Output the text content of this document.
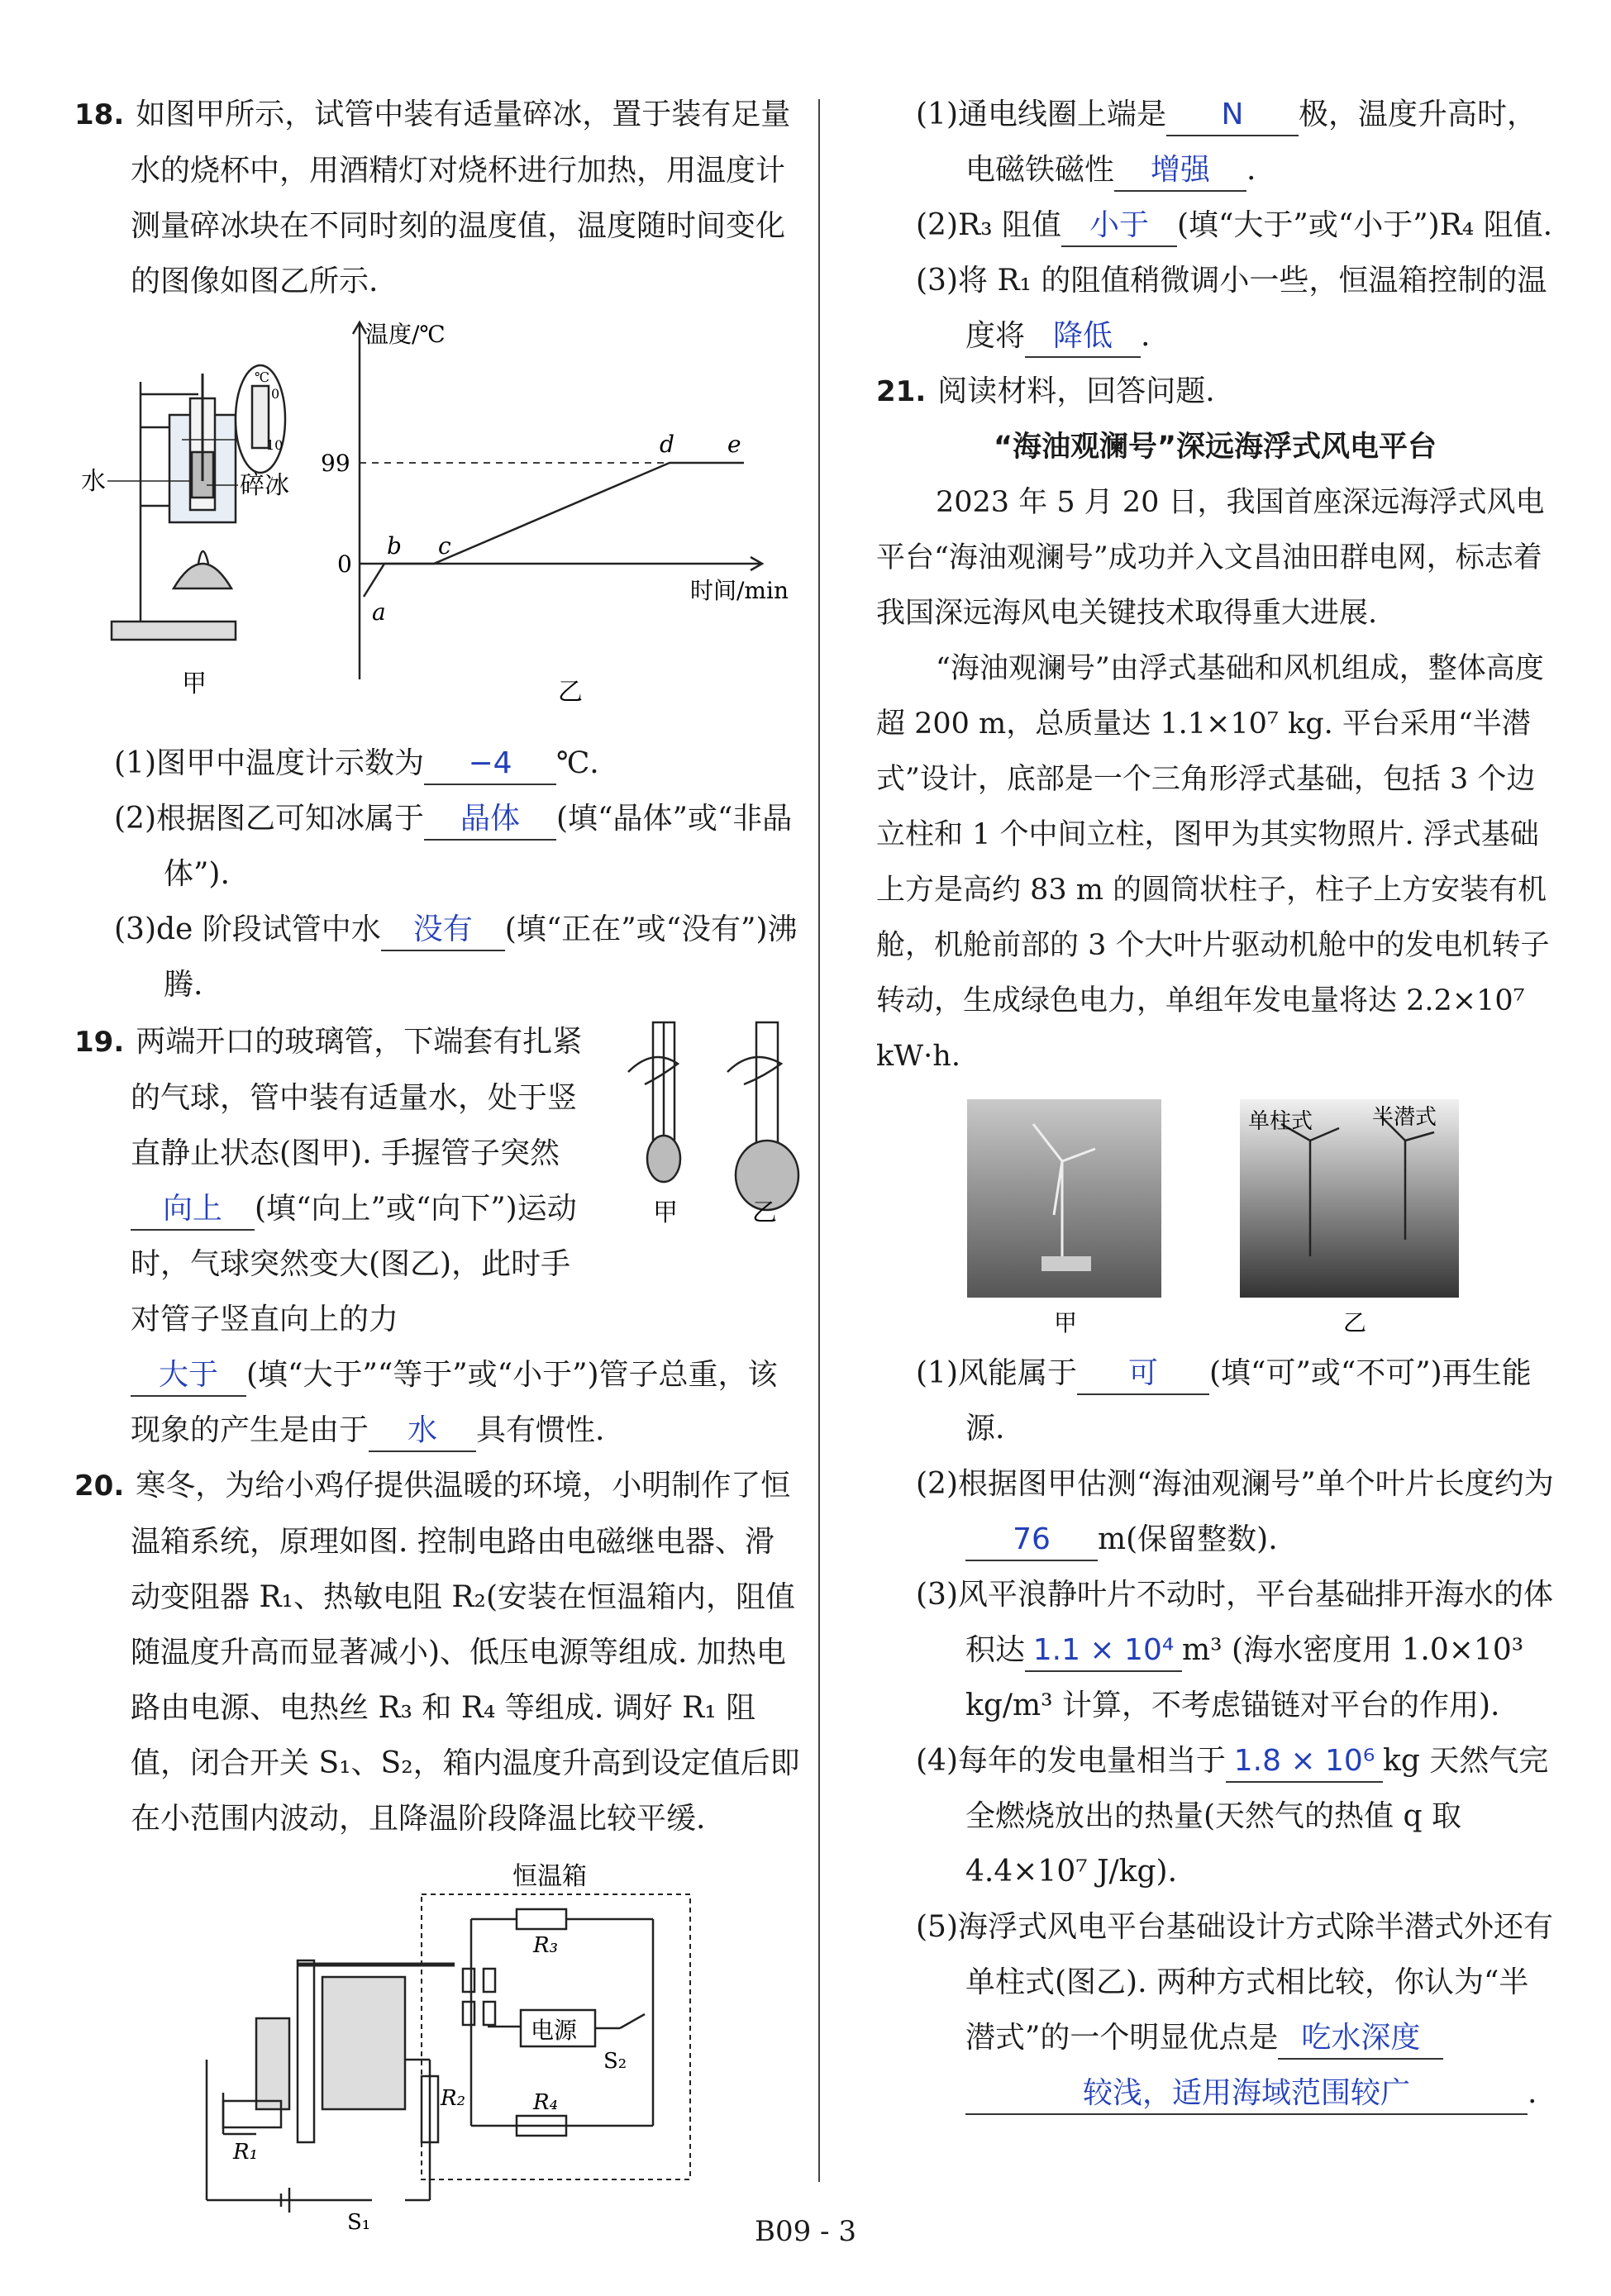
18. 如图甲所示，试管中装有适量碎冰，置于装有足量水的烧杯中，用酒精灯对烧杯进行加热，用温度计测量碎冰块在不同时刻的温度值，温度随时间变化的图像如图乙所示.

水	碎冰
℃
0
10
甲
温度/℃
时间/min
99
0
a
b c
d e
乙

(1)图甲中温度计示数为 −4 ℃.

(2)根据图乙可知冰属于 晶体 (填“晶体”或“非晶体”).

(3)de 阶段试管中水 没有 (填“正在”或“没有”)沸腾.

甲	乙

19. 两端开口的玻璃管，下端套有扎紧的气球，管中装有适量水，处于竖直静止状态(图甲). 手握管子突然向上 (填“向上”或“向下”)运动时，气球突然变大(图乙)，此时手对管子竖直向上的力

大于 (填“大于”“等于”或“小于”)管子总重，该现象的产生是由于 水 具有惯性.

20. 寒冬，为给小鸡仔提供温暖的环境，小明制作了恒温箱系统，原理如图. 控制电路由电磁继电器、滑动变阻器 R₁、热敏电阻 R₂(安装在恒温箱内，阻值随温度升高而显著减小)、低压电源等组成. 加热电路由电源、电热丝 R₃ 和 R₄ 等组成. 调好 R₁ 阻值，闭合开关 S₁、S₂，箱内温度升高到设定值后即在小范围内波动，且降温阶段降温比较平缓.

恒温箱
电源
R₃
R₄
R₂
R₁
S₁
S₂

(1)通电线圈上端是 N 极，温度升高时，电磁铁磁性 增强 .

(2)R₃ 阻值 小于 (填“大于”或“小于”)R₄ 阻值.

(3)将 R₁ 的阻值稍微调小一些，恒温箱控制的温度将 降低 .

21. 阅读材料，回答问题.

“海油观澜号”深远海浮式风电平台

2023 年 5 月 20 日，我国首座深远海浮式风电平台“海油观澜号”成功并入文昌油田群电网，标志着我国深远海风电关键技术取得重大进展.

“海油观澜号”由浮式基础和风机组成，整体高度超 200 m，总质量达 1.1×10⁷ kg. 平台采用“半潜式”设计，底部是一个三角形浮式基础，包括 3 个边立柱和 1 个中间立柱，图甲为其实物照片. 浮式基础上方是高约 83 m 的圆筒状柱子，柱子上方安装有机舱，机舱前部的 3 个大叶片驱动机舱中的发电机转子转动，生成绿色电力，单组年发电量将达 2.2×10⁷ kW·h.

单柱式	半潜式
甲	乙

(1)风能属于 可 (填“可”或“不可”)再生能源.

(2)根据图甲估测“海油观澜号”单个叶片长度约为76 m(保留整数).

(3)风平浪静叶片不动时，平台基础排开海水的体积达 1.1 × 10⁴ m³ (海水密度用 1.0×10³ kg/m³ 计算，不考虑锚链对平台的作用).

(4)每年的发电量相当于 1.8 × 10⁶ kg 天然气完全燃烧放出的热量(天然气的热值 q 取 4.4×10⁷ J/kg).

(5)海浮式风电平台基础设计方式除半潜式外还有单柱式(图乙). 两种方式相比较，你认为“半潜式”的一个明显优点是 吃水深度较浅，适用海域范围较广	.

B09 - 3
